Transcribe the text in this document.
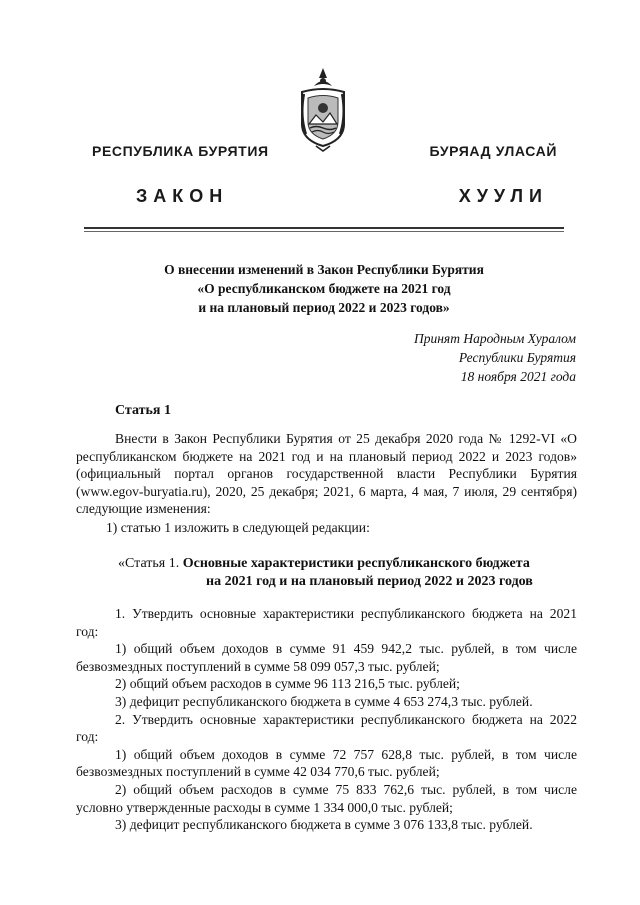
РЕСПУБЛИКА БУРЯТИЯ	БУРЯАД УЛАСАЙ
ЗАКОН	ХУУЛИ
О внесении изменений в Закон Республики Бурятия
«О республиканском бюджете на 2021 год
и на плановый период 2022 и 2023 годов»
Принят Народным Хуралом
Республики Бурятия
18 ноября 2021 года
Статья 1

Внести в Закон Республики Бурятия от 25 декабря 2020 года № 1292-VI «О республиканском бюджете на 2021 год и на плановый период 2022 и 2023 годов» (официальный портал органов государственной власти Республики Бурятия (www.egov-buryatia.ru), 2020, 25 декабря; 2021, 6 марта, 4 мая, 7 июля, 29 сентября) следующие изменения:

1) статью 1 изложить в следующей редакции:

«Статья 1. Основные характеристики республиканского бюджета
на 2021 год и на плановый период 2022 и 2023 годов

1. Утвердить основные характеристики республиканского бюджета на 2021 год:

1) общий объем доходов в сумме 91 459 942,2 тыс. рублей, в том числе безвозмездных поступлений в сумме 58 099 057,3 тыс. рублей;

2) общий объем расходов в сумме 96 113 216,5 тыс. рублей;

3) дефицит республиканского бюджета в сумме 4 653 274,3 тыс. рублей.

2. Утвердить основные характеристики республиканского бюджета на 2022 год:

1) общий объем доходов в сумме 72 757 628,8 тыс. рублей, в том числе безвозмездных поступлений в сумме 42 034 770,6 тыс. рублей;

2) общий объем расходов в сумме 75 833 762,6 тыс. рублей, в том числе условно утвержденные расходы в сумме 1 334 000,0 тыс. рублей;

3) дефицит республиканского бюджета в сумме 3 076 133,8 тыс. рублей.
